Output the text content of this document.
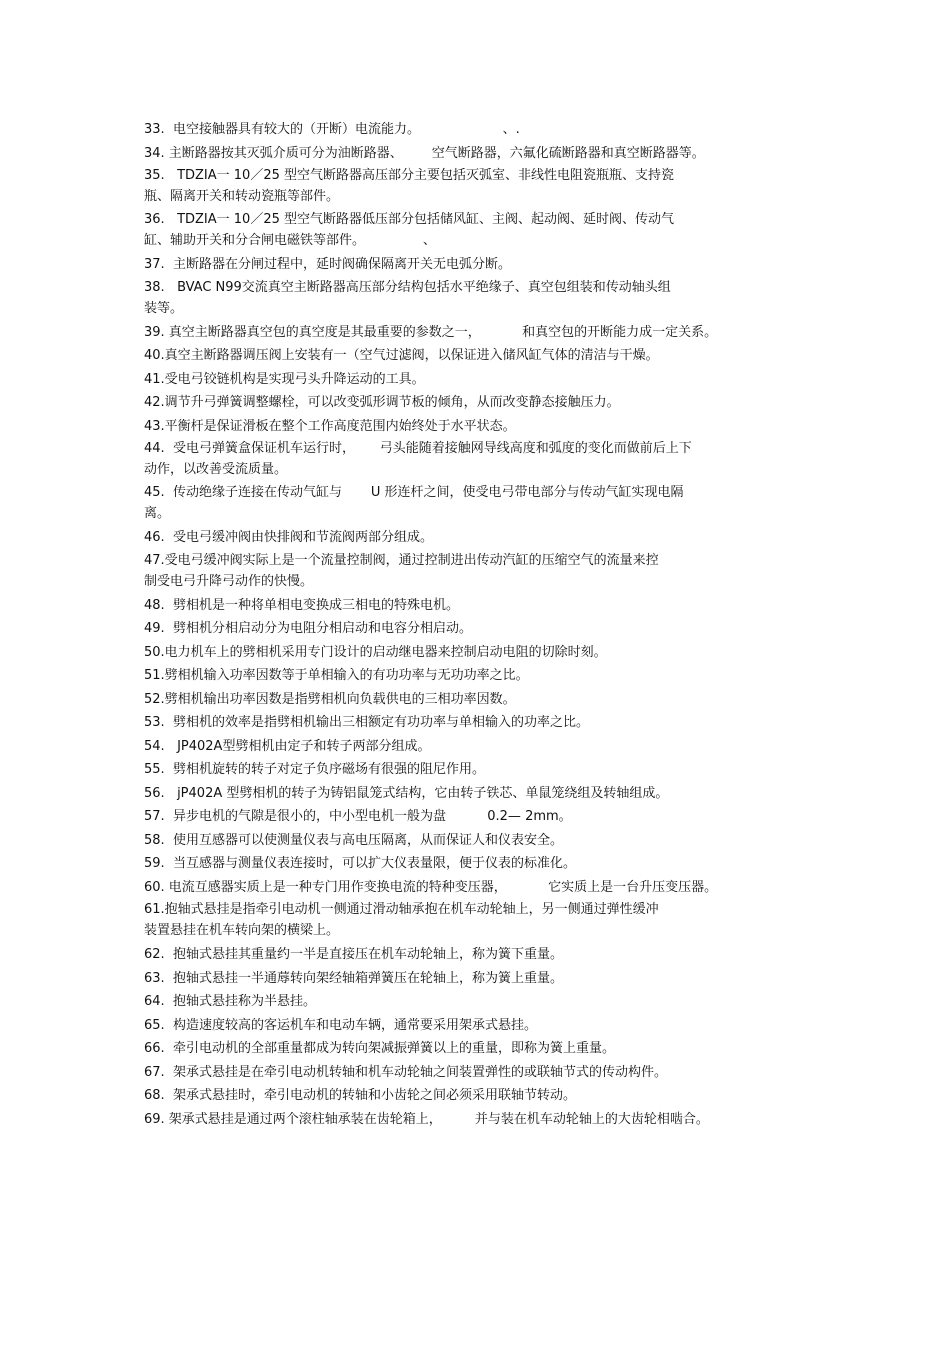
33.  电空接触器具有较大的（开断）电流能力。                    、.
34. 主断路器按其灭弧介质可分为油断路器、       空气断路器，六氟化硫断路器和真空断路器等。
35.   TDZIA一 10／25 型空气断路器高压部分主要包括灭弧室、非线性电阻瓷瓶瓶、支持瓷
瓶、隔离开关和转动瓷瓶等部件。
36.   TDZIA一 10／25 型空气断路器低压部分包括储风缸、主阀、起动阀、延时阀、传动气
缸、辅助开关和分合闸电磁铁等部件。              、
37.  主断路器在分闸过程中，延时阀确保隔离开关无电弧分断。
38.   BVAC N99交流真空主断路器高压部分结构包括水平绝缘子、真空包组装和传动轴头组
装等。
39. 真空主断路器真空包的真空度是其最重要的参数之一，          和真空包的开断能力成一定关系。
40.真空主断路器调压阀上安装有一（空气过滤阀，以保证进入储风缸气体的清洁与干燥。
41.受电弓铰链机构是实现弓头升降运动的工具。
42.调节升弓弹簧调整螺栓，可以改变弧形调节板的倾角，从而改变静态接触压力。
43.平衡杆是保证滑板在整个工作高度范围内始终处于水平状态。
44.  受电弓弹簧盒保证机车运行时，      弓头能随着接触网导线高度和弧度的变化而做前后上下
动作，以改善受流质量。
45.  传动绝缘子连接在传动气缸与       U 形连杆之间，使受电弓带电部分与传动气缸实现电隔
离。
46.  受电弓缓冲阀由快排阀和节流阀两部分组成。
47.受电弓缓冲阀实际上是一个流量控制阀，通过控制进出传动汽缸的压缩空气的流量来控
制受电弓升降弓动作的快慢。
48.  劈相机是一种将单相电变换成三相电的特殊电机。
49.  劈相机分相启动分为电阻分相启动和电容分相启动。
50.电力机车上的劈相机采用专门设计的启动继电器来控制启动电阻的切除时刻。
51.劈相机输入功率因数等于单相输入的有功功率与无功功率之比。
52.劈相机输出功率因数是指劈相机向负载供电的三相功率因数。
53.  劈相机的效率是指劈相机输出三相额定有功功率与单相输入的功率之比。
54.   JP402A型劈相机由定子和转子两部分组成。
55.  劈相机旋转的转子对定子负序磁场有很强的阻尼作用。
56.   jP402A 型劈相机的转子为铸铝鼠笼式结构，它由转子铁芯、单鼠笼绕组及转轴组成。
57.  异步电机的气隙是很小的，中小型电机一般为盘          0.2— 2mm。
58.  使用互感器可以使测量仪表与高电压隔离，从而保证人和仪表安全。
59.  当互感器与测量仪表连接时，可以扩大仪表量限，便于仪表的标准化。
60. 电流互感器实质上是一种专门用作变换电流的特种变压器，          它实质上是一台升压变压器。
61.抱轴式悬挂是指牵引电动机一侧通过滑动轴承抱在机车动轮轴上，另一侧通过弹性缓冲
装置悬挂在机车转向架的横梁上。
62.  抱轴式悬挂其重量约一半是直接压在机车动轮轴上，称为簧下重量。
63.  抱轴式悬挂一半通蓐转向架经轴箱弹簧压在轮轴上，称为簧上重量。
64.  抱轴式悬挂称为半悬挂。
65.  构造速度较高的客运机车和电动车辆，通常要采用架承式悬挂。
66.  牵引电动机的全部重量都成为转向架减振弹簧以上的重量，即称为簧上重量。
67.  架承式悬挂是在牵引电动机转轴和机车动轮轴之间装置弹性的或联轴节式的传动构件。
68.  架承式悬挂时，牵引电动机的转轴和小齿轮之间必须采用联轴节转动。
69. 架承式悬挂是通过两个滚柱轴承装在齿轮箱上，        并与装在机车动轮轴上的大齿轮相啮合。
